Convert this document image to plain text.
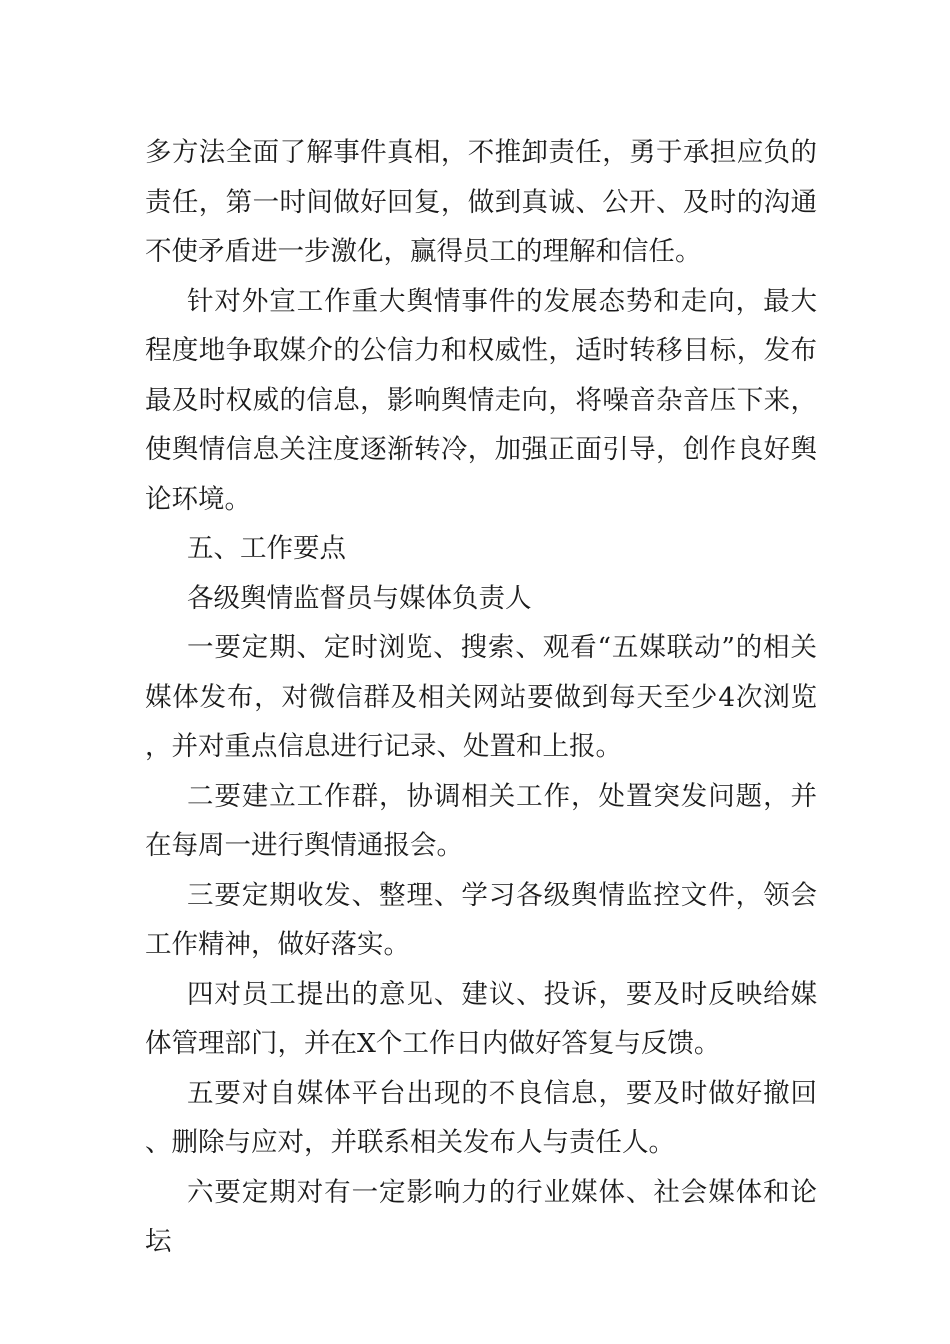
多方法全面了解事件真相，不推卸责任，勇于承担应负的责任，第一时间做好回复，做到真诚、公开、及时的沟通不使矛盾进一步激化，赢得员工的理解和信任。

针对外宣工作重大舆情事件的发展态势和走向，最大程度地争取媒介的公信力和权威性，适时转移目标，发布最及时权威的信息，影响舆情走向，将噪音杂音压下来，使舆情信息关注度逐渐转冷，加强正面引导，创作良好舆论环境。

五、工作要点

各级舆情监督员与媒体负责人

一要定期、定时浏览、搜索、观看“五媒联动”的相关媒体发布，对微信群及相关网站要做到每天至少4次浏览，并对重点信息进行记录、处置和上报。

二要建立工作群，协调相关工作，处置突发问题，并在每周一进行舆情通报会。

三要定期收发、整理、学习各级舆情监控文件，领会工作精神，做好落实。

四对员工提出的意见、建议、投诉，要及时反映给媒体管理部门，并在X个工作日内做好答复与反馈。

五要对自媒体平台出现的不良信息，要及时做好撤回、删除与应对，并联系相关发布人与责任人。

六要定期对有一定影响力的行业媒体、社会媒体和论坛
